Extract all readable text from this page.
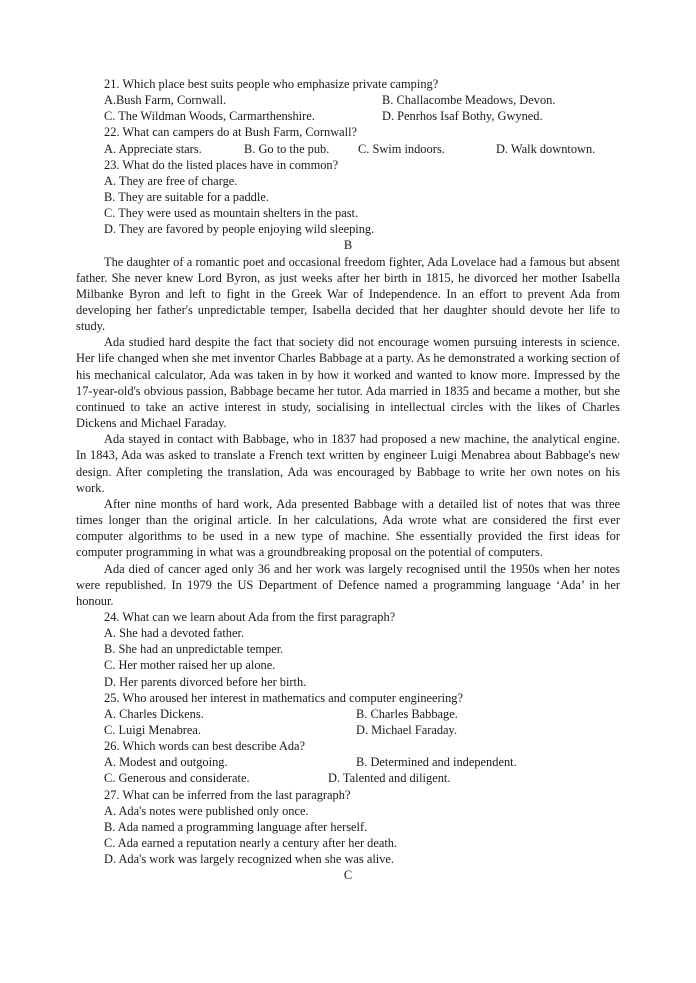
21. Which place best suits people who emphasize private camping?
A.Bush Farm, Cornwall.	B. Challacombe Meadows, Devon.
C. The Wildman Woods, Carmarthenshire.	D. Penrhos Isaf Bothy, Gwyned.
22. What can campers do at Bush Farm, Cornwall?
A. Appreciate stars.	B. Go to the pub.	C. Swim indoors.	D. Walk downtown.
23. What do the listed places have in common?
A. They are free of charge.
B. They are suitable for a paddle.
C. They were used as mountain shelters in the past.
D. They are favored by people enjoying wild sleeping.
B

The daughter of a romantic poet and occasional freedom fighter, Ada Lovelace had a famous but absent father. She never knew Lord Byron, as just weeks after her birth in 1815, he divorced her mother Isabella Milbanke Byron and left to fight in the Greek War of Independence. In an effort to prevent Ada from developing her father's unpredictable temper, Isabella decided that her daughter should devote her life to study.

Ada studied hard despite the fact that society did not encourage women pursuing interests in science. Her life changed when she met inventor Charles Babbage at a party. As he demonstrated a working section of his mechanical calculator, Ada was taken in by how it worked and wanted to know more. Impressed by the 17-year-old's obvious passion, Babbage became her tutor. Ada married in 1835 and became a mother, but she continued to take an active interest in study, socialising in intellectual circles with the likes of Charles Dickens and Michael Faraday.

Ada stayed in contact with Babbage, who in 1837 had proposed a new machine, the analytical engine. In 1843, Ada was asked to translate a French text written by engineer Luigi Menabrea about Babbage's new design. After completing the translation, Ada was encouraged by Babbage to write her own notes on his work.

After nine months of hard work, Ada presented Babbage with a detailed list of notes that was three times longer than the original article. In her calculations, Ada wrote what are considered the first ever computer algorithms to be used in a new type of machine. She essentially provided the first ideas for computer programming in what was a groundbreaking proposal on the potential of computers.

Ada died of cancer aged only 36 and her work was largely recognised until the 1950s when her notes were republished. In 1979 the US Department of Defence named a programming language ‘Ada’ in her honour.

24. What can we learn about Ada from the first paragraph?
A. She had a devoted father.
B. She had an unpredictable temper.
C. Her mother raised her up alone.
D. Her parents divorced before her birth.
25. Who aroused her interest in mathematics and computer engineering?
A. Charles Dickens.	B. Charles Babbage.
C. Luigi Menabrea.	D. Michael Faraday.
26. Which words can best describe Ada?
A. Modest and outgoing.	B. Determined and independent.
C. Generous and considerate.	D. Talented and diligent.
27. What can be inferred from the last paragraph?
A. Ada's notes were published only once.
B. Ada named a programming language after herself.
C. Ada earned a reputation nearly a century after her death.
D. Ada's work was largely recognized when she was alive.
C
